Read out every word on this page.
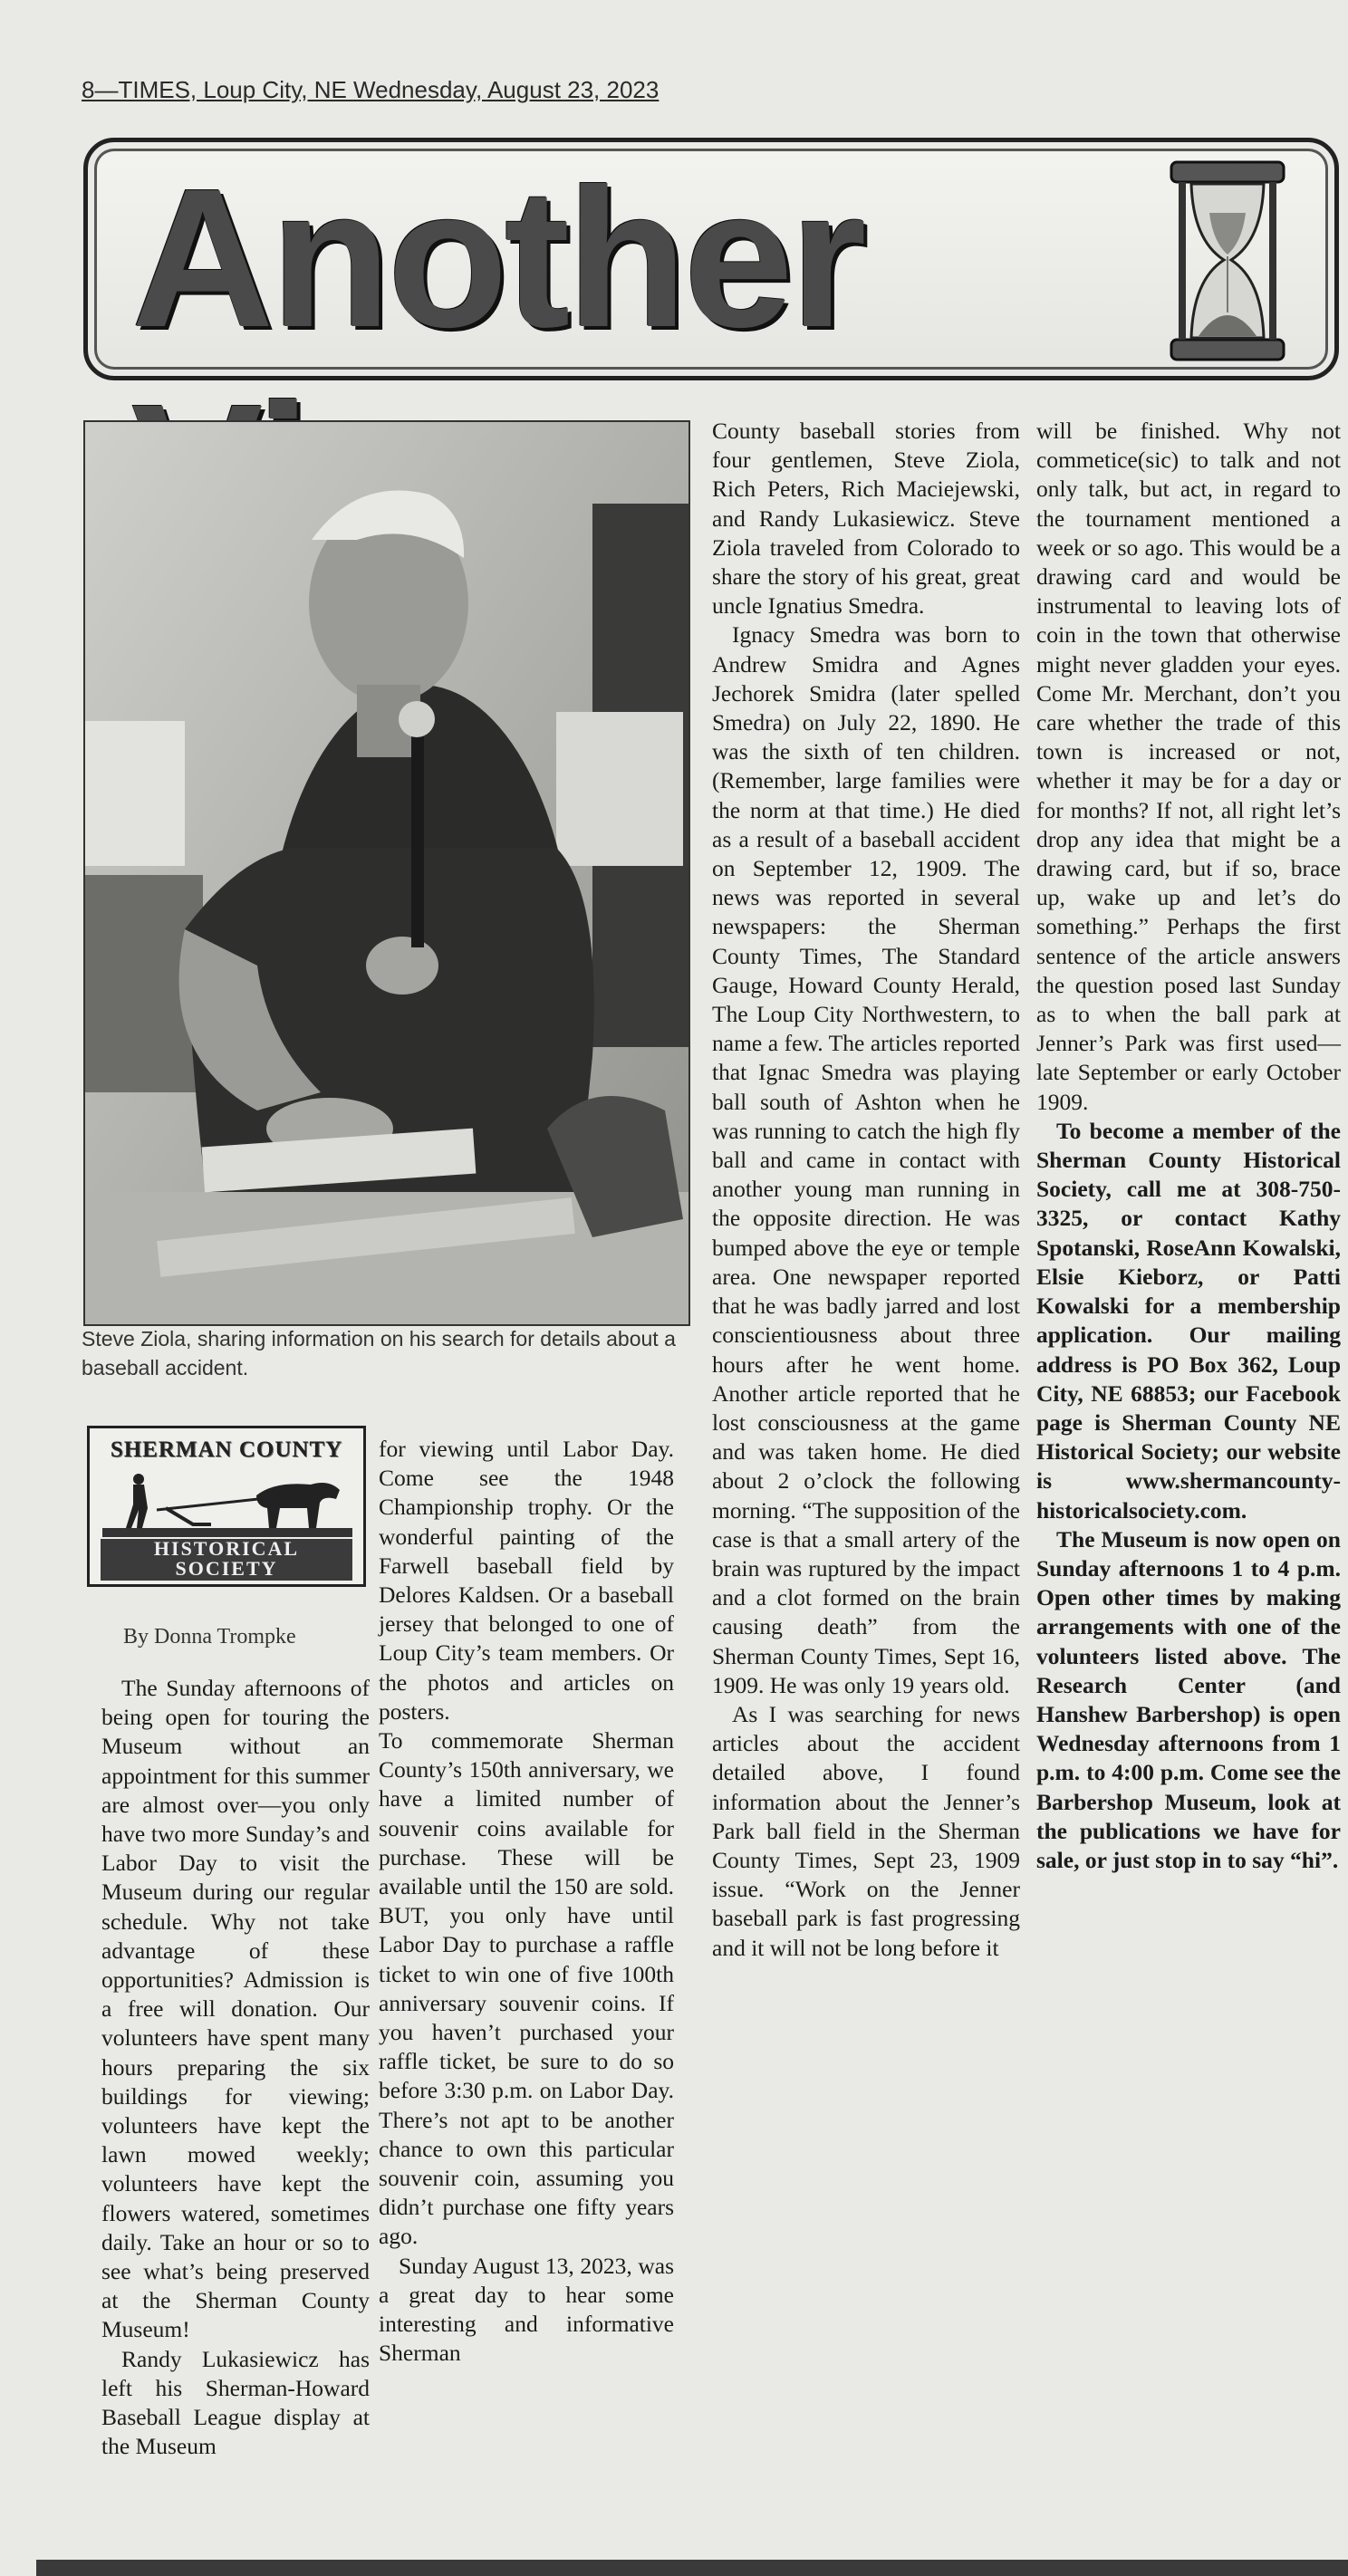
8—TIMES, Loup City, NE Wednesday, August 23, 2023
Another
Steve Ziola, sharing information on his search for details about a baseball accident.
SHERMAN COUNTY
HISTORICAL
SOCIETY
By Donna Trompke

The Sunday afternoons of being open for touring the Museum without an appointment for this summer are almost over—you only have two more Sunday’s and Labor Day to visit the Museum during our regular schedule. Why not take advantage of these opportunities? Admission is a free will donation. Our volunteers have spent many hours preparing the six buildings for viewing; volunteers have kept the lawn mowed weekly; volunteers have kept the flowers watered, sometimes daily. Take an hour or so to see what’s being preserved at the Sherman County Museum!

Randy Lukasiewicz has left his Sherman-Howard Baseball League display at the Museum

for viewing until Labor Day. Come see the 1948 Championship trophy. Or the wonderful painting of the Farwell baseball field by Delores Kaldsen. Or a baseball jersey that belonged to one of Loup City’s team members. Or the photos and articles on posters.

To commemorate Sherman County’s 150th anniversary, we have a limited number of souvenir coins available for purchase. These will be available until the 150 are sold. BUT, you only have until Labor Day to purchase a raffle ticket to win one of five 100th anniversary souvenir coins. If you haven’t purchased your raffle ticket, be sure to do so before 3:30 p.m. on Labor Day. There’s not apt to be another chance to own this particular souvenir coin, assuming you didn’t purchase one fifty years ago.

Sunday August 13, 2023, was a great day to hear some interesting and informative Sherman

County baseball stories from four gentlemen, Steve Ziola, Rich Peters, Rich Maciejewski, and Randy Lukasiewicz. Steve Ziola traveled from Colorado to share the story of his great, great uncle Ignatius Smedra.

Ignacy Smedra was born to Andrew Smidra and Agnes Jechorek Smidra (later spelled Smedra) on July 22, 1890. He was the sixth of ten children. (Remember, large families were the norm at that time.) He died as a result of a baseball accident on September 12, 1909. The news was reported in several newspapers: the Sherman County Times, The Standard Gauge, Howard County Herald, The Loup City Northwestern, to name a few. The articles reported that Ignac Smedra was playing ball south of Ashton when he was running to catch the high fly ball and came in contact with another young man running in the opposite direction. He was bumped above the eye or temple area. One newspaper reported that he was badly jarred and lost conscientiousness about three hours after he went home. Another article reported that he lost consciousness at the game and was taken home. He died about 2 o’clock the following morning. “The supposition of the case is that a small artery of the brain was ruptured by the impact and a clot formed on the brain causing death” from the Sherman County Times, Sept 16, 1909. He was only 19 years old.

As I was searching for news articles about the accident detailed above, I found information about the Jenner’s Park ball field in the Sherman County Times, Sept 23, 1909 issue. “Work on the Jenner baseball park is fast progressing and it will not be long before it

will be finished. Why not commetice(sic) to talk and not only talk, but act, in regard to the tournament mentioned a week or so ago. This would be a drawing card and would be instrumental to leaving lots of coin in the town that otherwise might never gladden your eyes. Come Mr. Merchant, don’t you care whether the trade of this town is increased or not, whether it may be for a day or for months? If not, all right let’s drop any idea that might be a drawing card, but if so, brace up, wake up and let’s do something.” Perhaps the first sentence of the article answers the question posed last Sunday as to when the ball park at Jenner’s Park was first used—late September or early October 1909.

To become a member of the Sherman County Historical Society, call me at 308-750-3325, or contact Kathy Spotanski, RoseAnn Kowalski, Elsie Kieborz, or Patti Kowalski for a membership application. Our mailing address is PO Box 362, Loup City, NE 68853; our Facebook page is Sherman County NE Historical Society; our website is www.shermancounty-historicalsociety.com.

The Museum is now open on Sunday afternoons 1 to 4 p.m. Open other times by making arrangements with one of the volunteers listed above. The Research Center (and Hanshew Barbershop) is open Wednesday afternoons from 1 p.m. to 4:00 p.m. Come see the Barbershop Museum, look at the publications we have for sale, or just stop in to say “hi”.
